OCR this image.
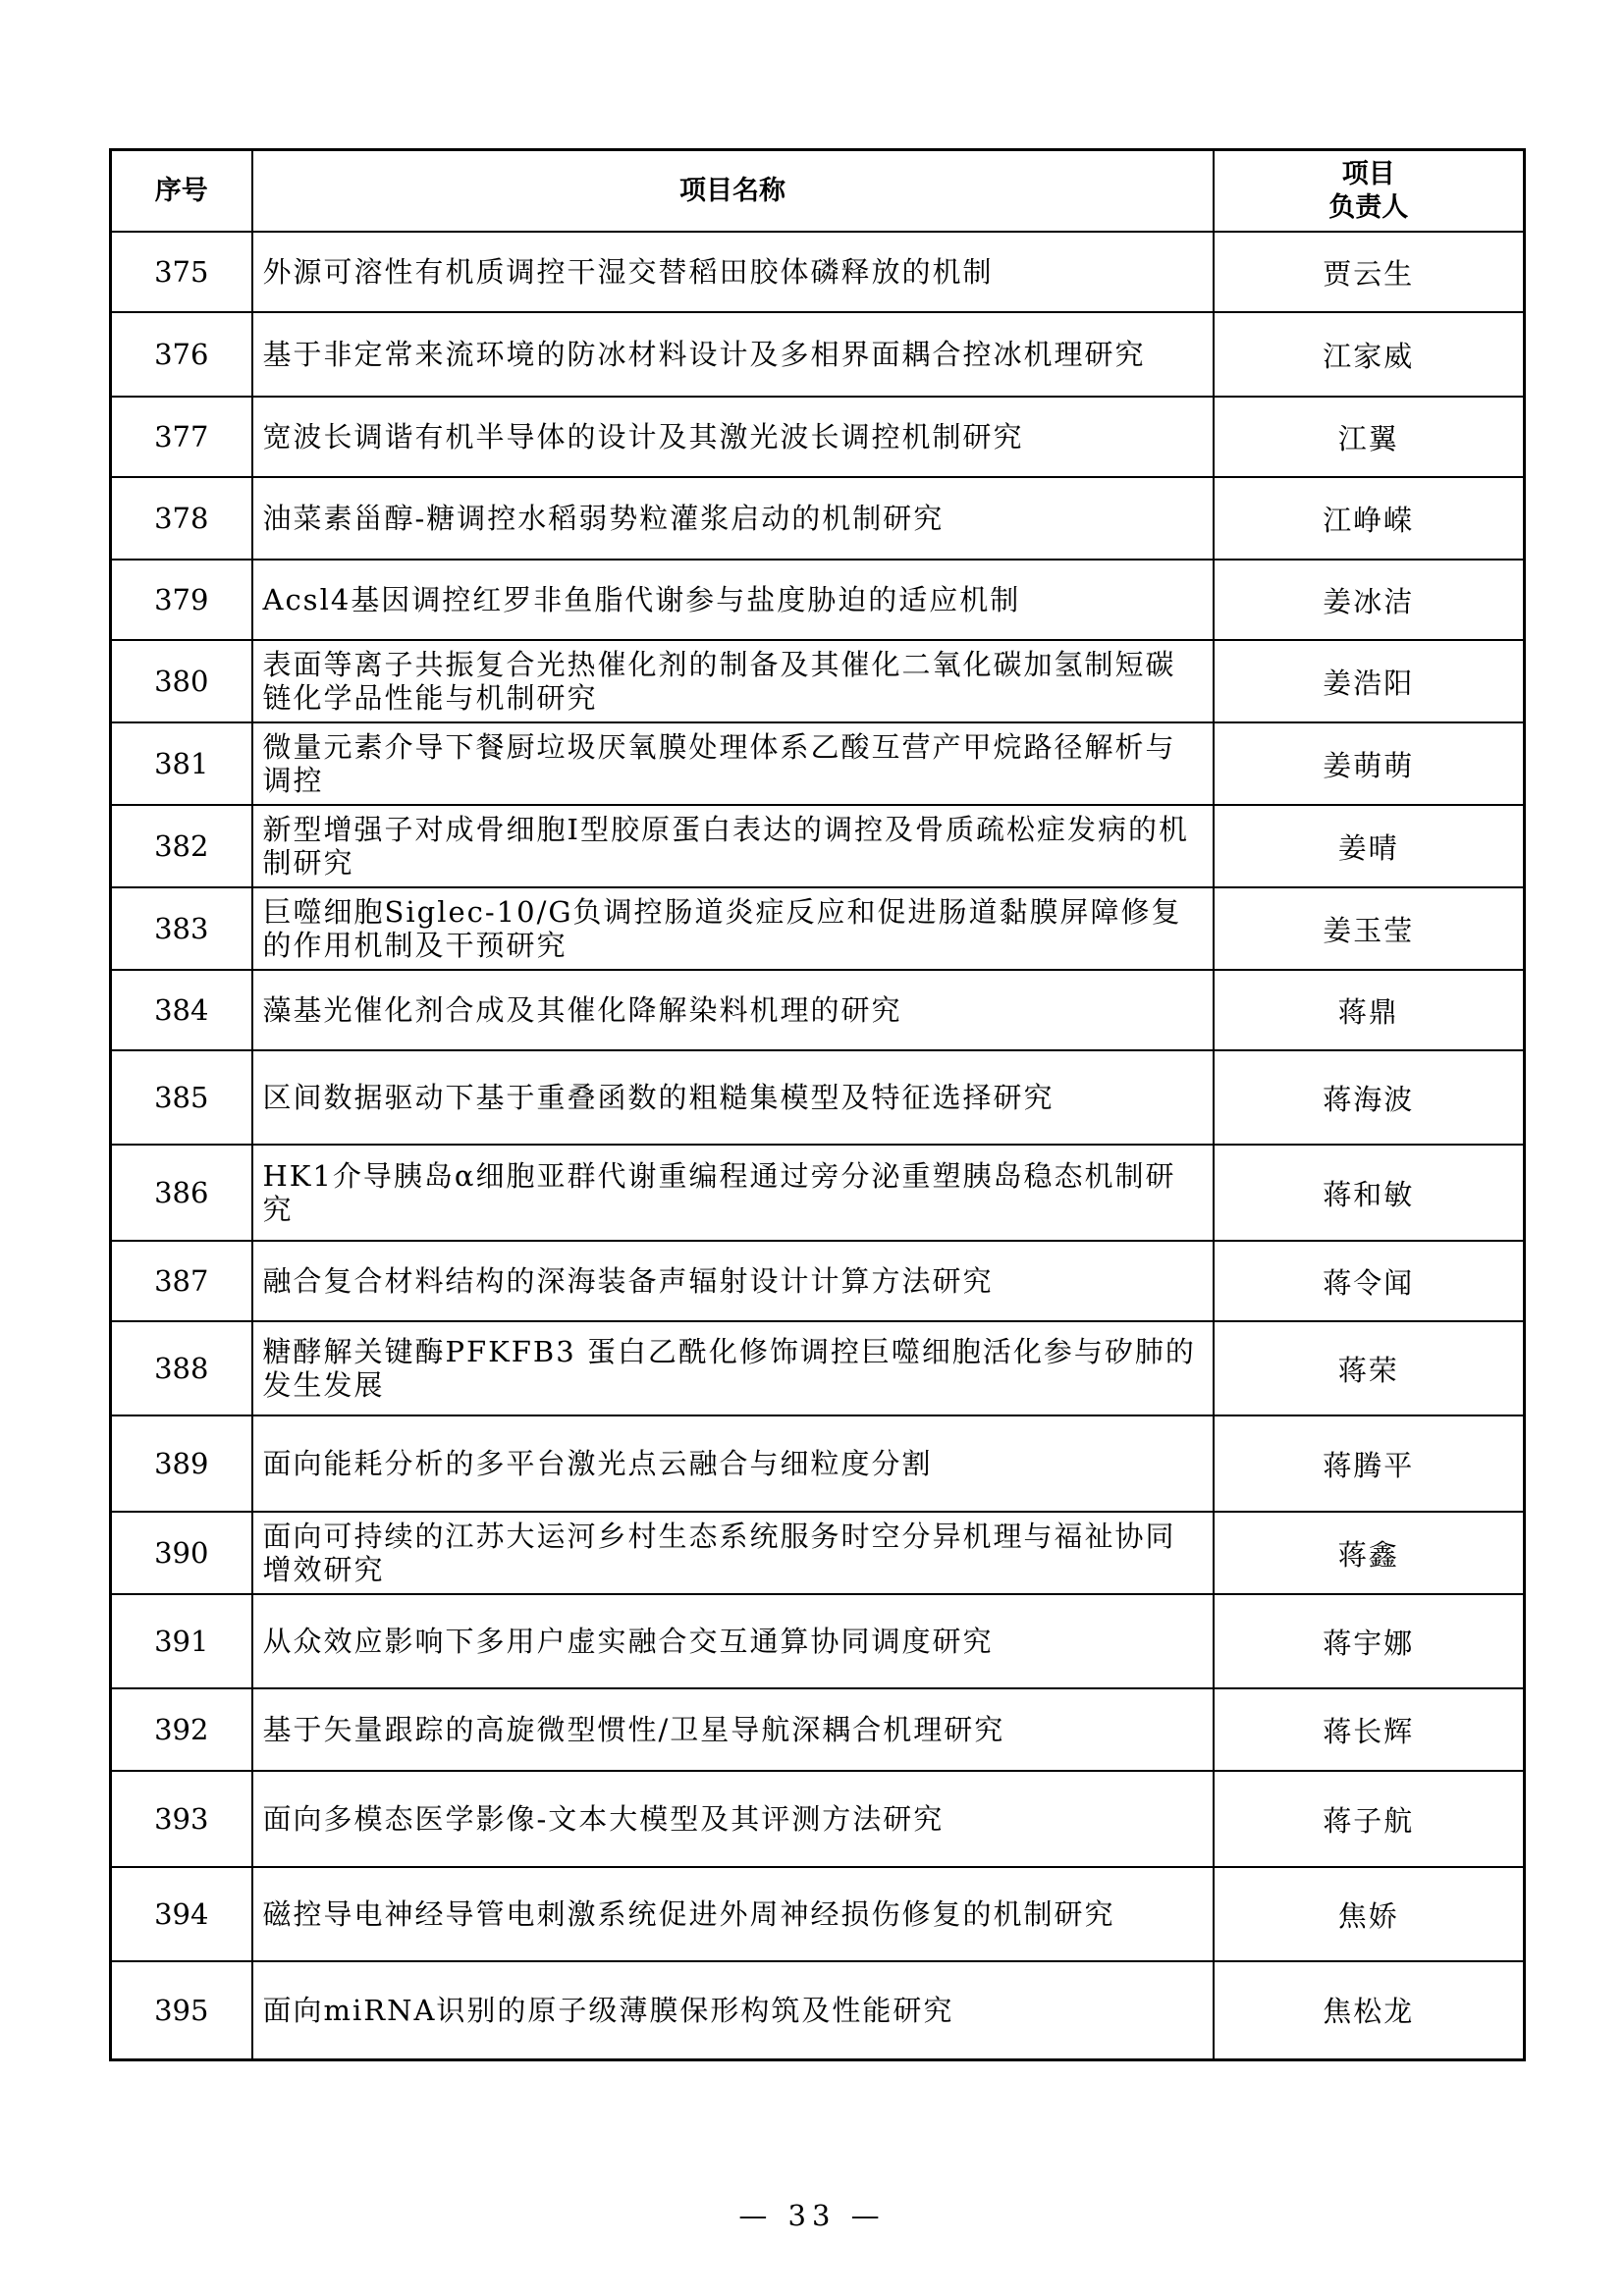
序号	项目名称	项目
负责人

375	外源可溶性有机质调控干湿交替稻田胶体磷释放的机制	贾云生
376	基于非定常来流环境的防冰材料设计及多相界面耦合控冰机理研究	江家威
377	宽波长调谐有机半导体的设计及其激光波长调控机制研究	江翼
378	油菜素甾醇-糖调控水稻弱势粒灌浆启动的机制研究	江峥嵘
379	Acsl4基因调控红罗非鱼脂代谢参与盐度胁迫的适应机制	姜冰洁
380	表面等离子共振复合光热催化剂的制备及其催化二氧化碳加氢制短碳链化学品性能与机制研究	姜浩阳
381	微量元素介导下餐厨垃圾厌氧膜处理体系乙酸互营产甲烷路径解析与调控	姜萌萌
382	新型增强子对成骨细胞I型胶原蛋白表达的调控及骨质疏松症发病的机制研究	姜晴
383	巨噬细胞Siglec-10/G负调控肠道炎症反应和促进肠道黏膜屏障修复的作用机制及干预研究	姜玉莹
384	藻基光催化剂合成及其催化降解染料机理的研究	蒋鼎
385	区间数据驱动下基于重叠函数的粗糙集模型及特征选择研究	蒋海波
386	HK1介导胰岛α细胞亚群代谢重编程通过旁分泌重塑胰岛稳态机制研究	蒋和敏
387	融合复合材料结构的深海装备声辐射设计计算方法研究	蒋令闻
388	糖酵解关键酶PFKFB3 蛋白乙酰化修饰调控巨噬细胞活化参与矽肺的发生发展	蒋荣
389	面向能耗分析的多平台激光点云融合与细粒度分割	蒋腾平
390	面向可持续的江苏大运河乡村生态系统服务时空分异机理与福祉协同增效研究	蒋鑫
391	从众效应影响下多用户虚实融合交互通算协同调度研究	蒋宇娜
392	基于矢量跟踪的高旋微型惯性/卫星导航深耦合机理研究	蒋长辉
393	面向多模态医学影像-文本大模型及其评测方法研究	蒋子航
394	磁控导电神经导管电刺激系统促进外周神经损伤修复的机制研究	焦娇
395	面向miRNA识别的原子级薄膜保形构筑及性能研究	焦松龙
— 33 —
